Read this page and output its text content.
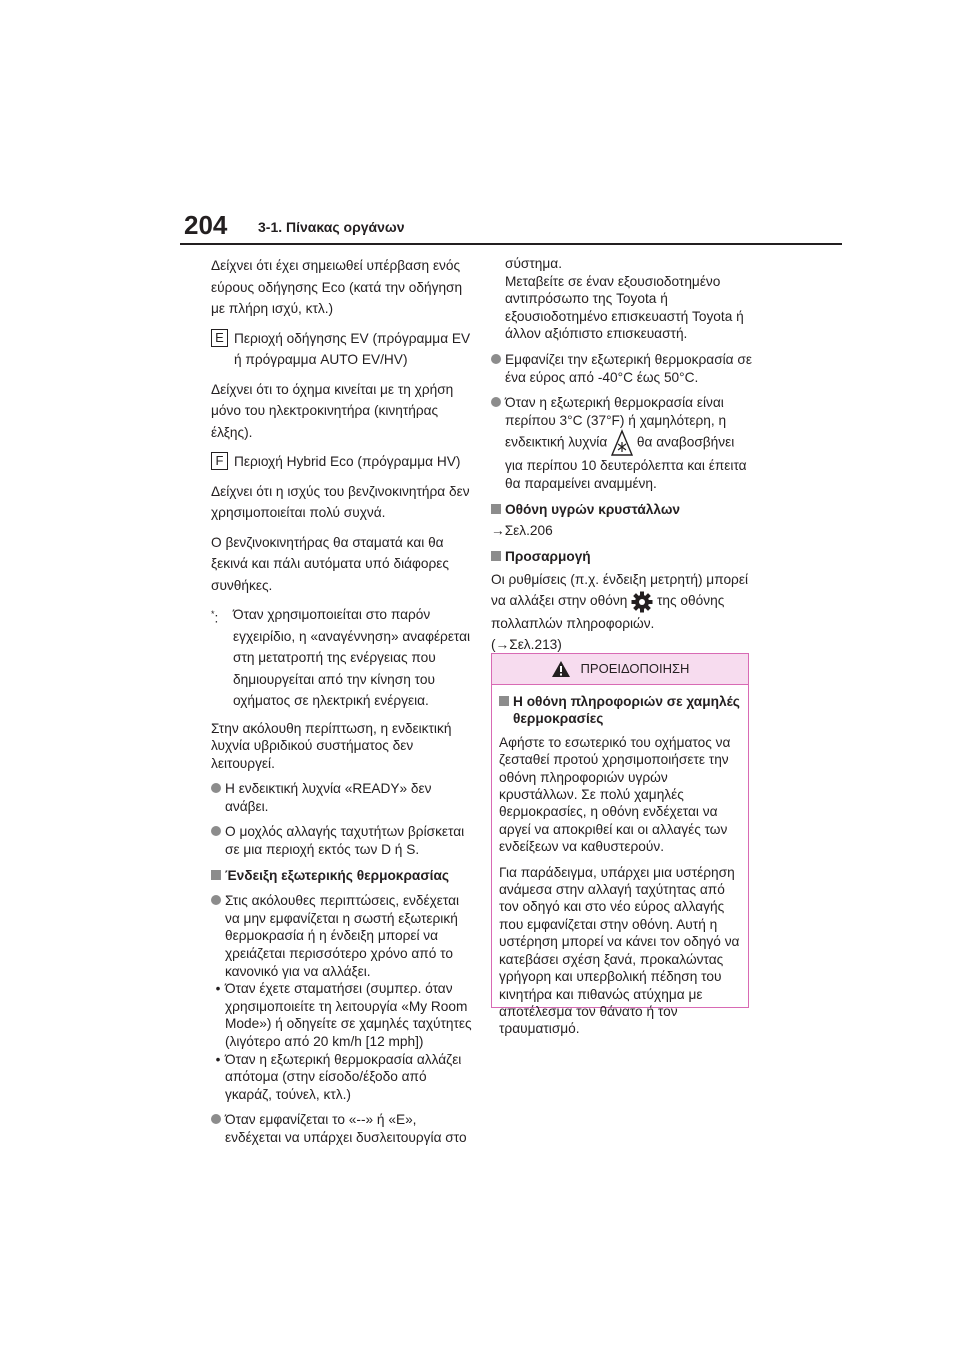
204 3-1. Πίνακας οργάνων
Δείχνει ότι έχει σημειωθεί υπέρβαση ενός εύρους οδήγησης Eco (κατά την οδήγηση με πλήρη ισχύ, κτλ.)
E Περιοχή οδήγησης EV (πρόγραμμα EV ή πρόγραμμα AUTO EV/HV)
Δείχνει ότι το όχημα κινείται με τη χρήση μόνο του ηλεκτροκινητήρα (κινητήρας έλξης).
F Περιοχή Hybrid Eco (πρόγραμμα HV)
Δείχνει ότι η ισχύς του βενζινοκινητήρα δεν χρησιμοποιείται πολύ συχνά.
Ο βενζινοκινητήρας θα σταματά και θα ξεκινά και πάλι αυτόματα υπό διάφορες συνθήκες.
*:	Όταν χρησιμοποιείται στο παρόν εγχειρίδιο, η «αναγέννηση» αναφέρεται στη μετατροπή της ενέργειας που δημιουργείται από την κίνηση του οχήματος σε ηλεκτρική ενέργεια.
Στην ακόλουθη περίπτωση, η ενδεικτική λυχνία υβριδικού συστήματος δεν λειτουργεί.
Η ενδεικτική λυχνία «READY» δεν ανάβει.
Ο μοχλός αλλαγής ταχυτήτων βρίσκεται σε μια περιοχή εκτός των D ή S.
Ένδειξη εξωτερικής θερμοκρασίας
Στις ακόλουθες περιπτώσεις, ενδέχεται να μην εμφανίζεται η σωστή εξωτερική θερμοκρασία ή η ένδειξη μπορεί να χρειάζεται περισσότερο χρόνο από το κανονικό για να αλλάξει.
• Όταν έχετε σταματήσει (συμπερ. όταν χρησιμοποιείτε τη λειτουργία «My Room Mode») ή οδηγείτε σε χαμηλές ταχύτητες (λιγότερο από 20 km/h [12 mph])
• Όταν η εξωτερική θερμοκρασία αλλάζει απότομα (στην είσοδο/έξοδο από γκαράζ, τούνελ, κτλ.)
Όταν εμφανίζεται το «--» ή «E», ενδέχεται να υπάρχει δυσλειτουργία στο
σύστημα.
Μεταβείτε σε έναν εξουσιοδοτημένο αντιπρόσωπο της Toyota ή εξουσιοδοτημένο επισκευαστή Toyota ή άλλον αξιόπιστο επισκευαστή.
Εμφανίζει την εξωτερική θερμοκρασία σε ένα εύρος από -40°C έως 50°C.
Όταν η εξωτερική θερμοκρασία είναι περίπου 3°C (37°F) ή χαμηλότερη, η ενδεικτική λυχνία θα αναβοσβήνει για περίπου 10 δευτερόλεπτα και έπειτα θα παραμείνει αναμμένη.
Οθόνη υγρών κρυστάλλων
→Σελ.206
Προσαρμογή
Οι ρυθμίσεις (π.χ. ένδειξη μετρητή) μπορεί να αλλάξει στην οθόνη της οθόνης πολλαπλών πληροφοριών.
(→Σελ.213)
ΠΡΟΕΙΔΟΠΟΙΗΣΗ
Η οθόνη πληροφοριών σε χαμηλές θερμοκρασίες
Αφήστε το εσωτερικό του οχήματος να ζεσταθεί προτού χρησιμοποιήσετε την οθόνη πληροφοριών υγρών κρυστάλλων. Σε πολύ χαμηλές θερμοκρασίες, η οθόνη ενδέχεται να αργεί να αποκριθεί και οι αλλαγές των ενδείξεων να καθυστερούν.
Για παράδειγμα, υπάρχει μια υστέρηση ανάμεσα στην αλλαγή ταχύτητας από τον οδηγό και στο νέο εύρος αλλαγής που εμφανίζεται στην οθόνη. Αυτή η υστέρηση μπορεί να κάνει τον οδηγό να κατεβάσει σχέση ξανά, προκαλώντας γρήγορη και υπερβολική πέδηση του κινητήρα και πιθανώς ατύχημα με αποτέλεσμα τον θάνατο ή τον τραυματισμό.
